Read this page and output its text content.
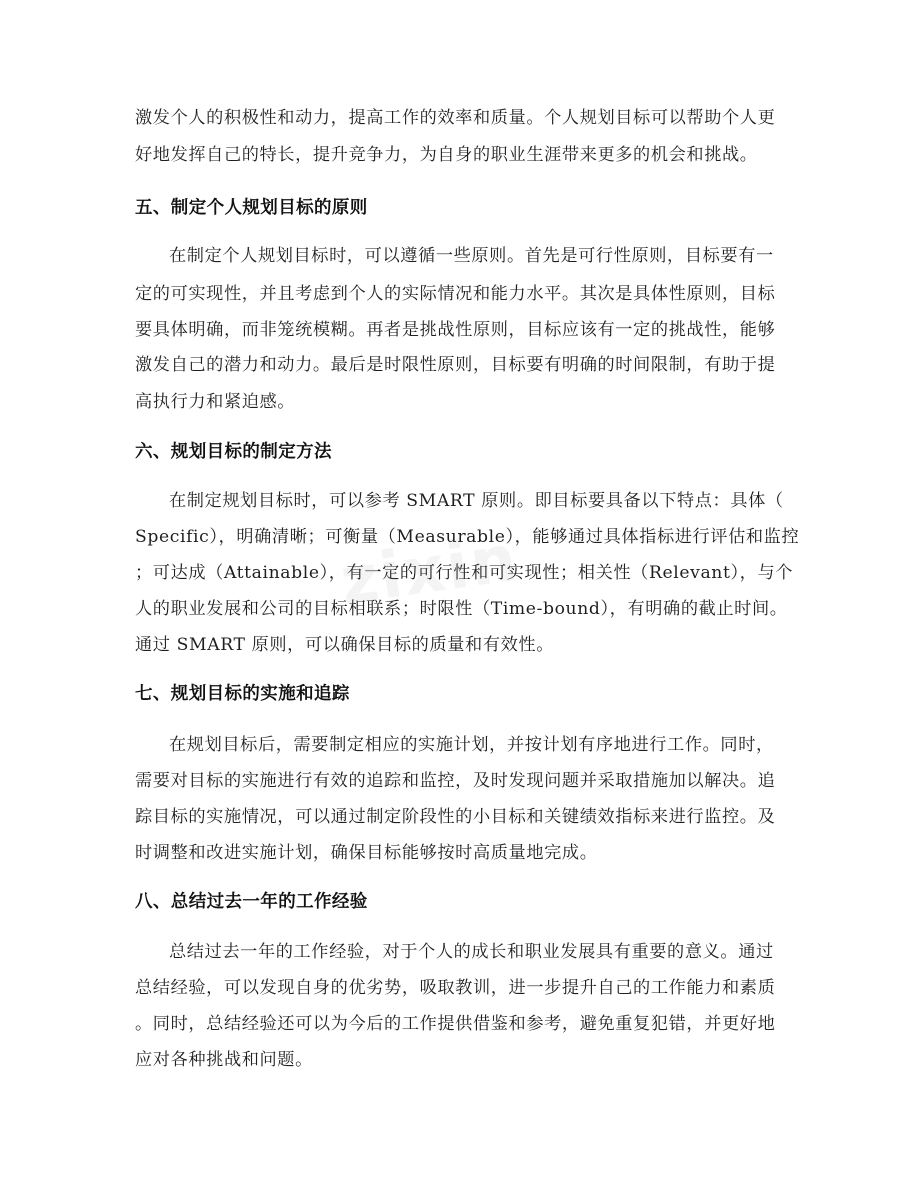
激发个人的积极性和动力，提高工作的效率和质量。个人规划目标可以帮助个人更
好地发挥自己的特长，提升竞争力，为自身的职业生涯带来更多的机会和挑战。
五、制定个人规划目标的原则
在制定个人规划目标时，可以遵循一些原则。首先是可行性原则，目标要有一
定的可实现性，并且考虑到个人的实际情况和能力水平。其次是具体性原则，目标
要具体明确，而非笼统模糊。再者是挑战性原则，目标应该有一定的挑战性，能够
激发自己的潜力和动力。最后是时限性原则，目标要有明确的时间限制，有助于提
高执行力和紧迫感。
六、规划目标的制定方法
在制定规划目标时，可以参考 SMART 原则。即目标要具备以下特点：具体（
Specific），明确清晰；可衡量（Measurable），能够通过具体指标进行评估和监控
；可达成（Attainable），有一定的可行性和可实现性；相关性（Relevant），与个
人的职业发展和公司的目标相联系；时限性（Time-bound），有明确的截止时间。
通过 SMART 原则，可以确保目标的质量和有效性。
七、规划目标的实施和追踪
在规划目标后，需要制定相应的实施计划，并按计划有序地进行工作。同时，
需要对目标的实施进行有效的追踪和监控，及时发现问题并采取措施加以解决。追
踪目标的实施情况，可以通过制定阶段性的小目标和关键绩效指标来进行监控。及
时调整和改进实施计划，确保目标能够按时高质量地完成。
八、总结过去一年的工作经验
总结过去一年的工作经验，对于个人的成长和职业发展具有重要的意义。通过
总结经验，可以发现自身的优劣势，吸取教训，进一步提升自己的工作能力和素质
。同时，总结经验还可以为今后的工作提供借鉴和参考，避免重复犯错，并更好地
应对各种挑战和问题。
zixin
